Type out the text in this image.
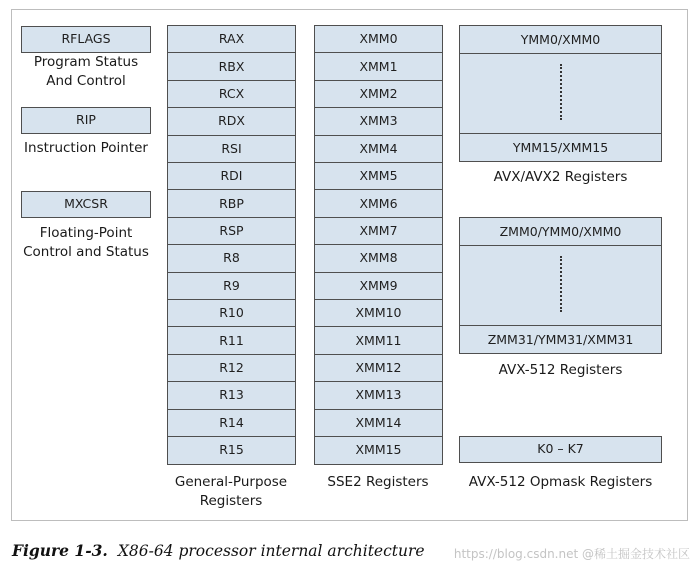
RFLAGS
Program Status
And Control
RIP
Instruction Pointer
MXCSR
Floating-Point
Control and Status
RAX
RBX
RCX
RDX
RSI
RDI
RBP
RSP
R8
R9
R10
R11
R12
R13
R14
R15
General-Purpose
Registers
XMM0
XMM1
XMM2
XMM3
XMM4
XMM5
XMM6
XMM7
XMM8
XMM9
XMM10
XMM11
XMM12
XMM13
XMM14
XMM15
SSE2 Registers
YMM0/XMM0
YMM15/XMM15
AVX/AVX2 Registers
ZMM0/YMM0/XMM0
ZMM31/YMM31/XMM31
AVX-512 Registers
K0 – K7
AVX-512 Opmask Registers
Figure 1-3. X86-64 processor internal architecture https://blog.csdn.net @稀土掘金技术社区
